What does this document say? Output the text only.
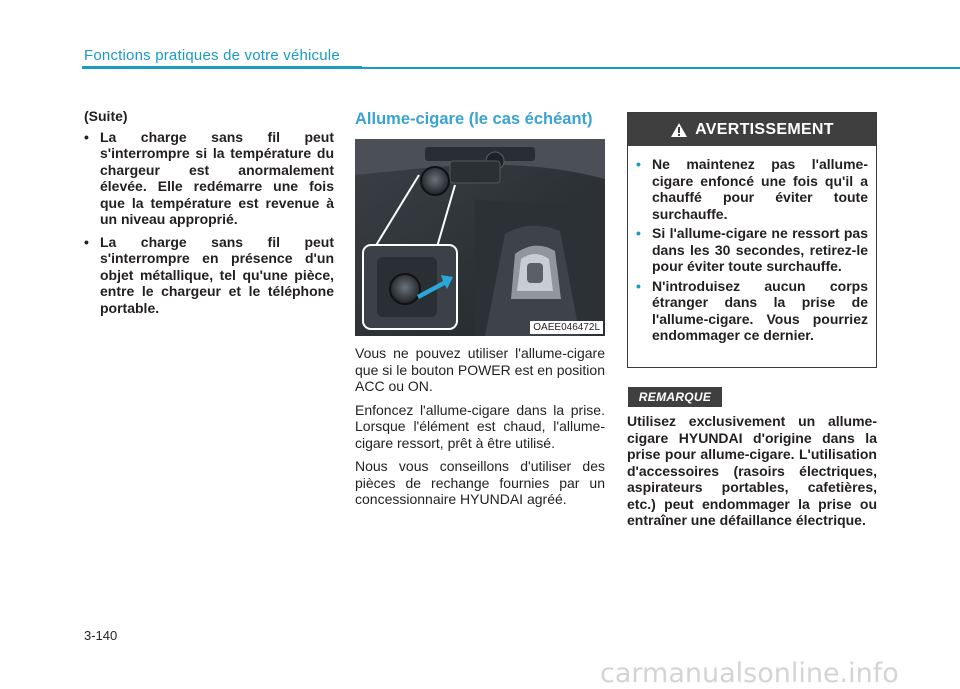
Fonctions pratiques de votre véhicule
(Suite)
• La charge sans fil peut s'interrompre si la température du chargeur est anormalement élevée. Elle redémarre une fois que la température est revenue à un niveau approprié.
• La charge sans fil peut s'interrompre en présence d'un objet métallique, tel qu'une pièce, entre le chargeur et le téléphone portable.
Allume-cigare (le cas échéant)
OAEE046472L

Vous ne pouvez utiliser l'allume-cigare que si le bouton POWER est en position ACC ou ON.

Enfoncez l'allume-cigare dans la prise. Lorsque l'élément est chaud, l'allume-cigare ressort, prêt à être utilisé.

Nous vous conseillons d'utiliser des pièces de rechange fournies par un concessionnaire HYUNDAI agréé.

AVERTISSEMENT
• Ne maintenez pas l'allume-cigare enfoncé une fois qu'il a chauffé pour éviter toute surchauffe.
• Si l'allume-cigare ne ressort pas dans les 30 secondes, retirez-le pour éviter toute surchauffe.
• N'introduisez aucun corps étranger dans la prise de l'allume-cigare. Vous pourriez endommager ce dernier.
REMARQUE
Utilisez exclusivement un allume-cigare HYUNDAI d'origine dans la prise pour allume-cigare. L'utilisation d'accessoires (rasoirs électriques, aspirateurs portables, cafetières, etc.) peut endommager la prise ou entraîner une défaillance électrique.
3-140
carmanualsonline.info
